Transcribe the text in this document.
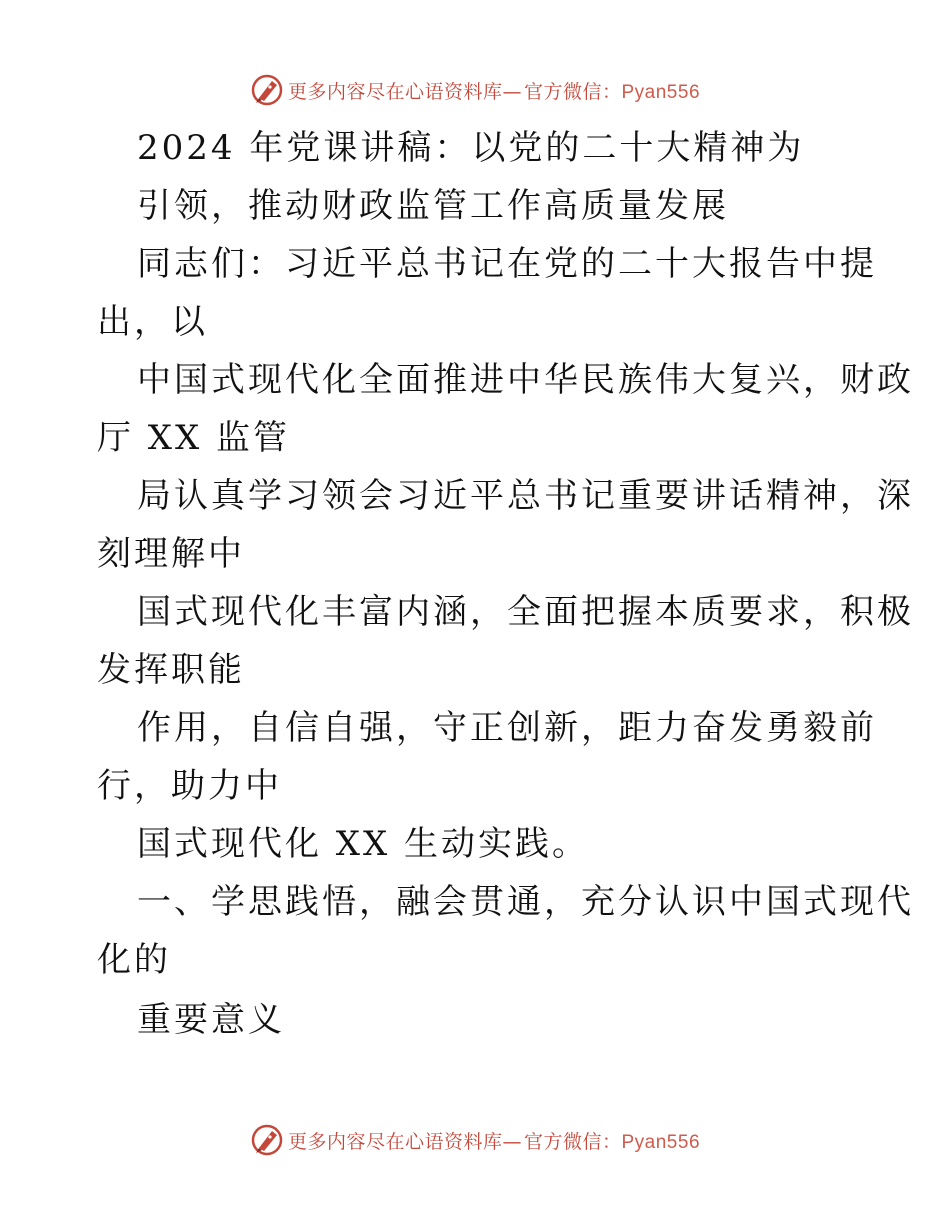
更多内容尽在心语资料库— 官方微信：Pyan556
2024 年党课讲稿：以党的二十大精神为
引领，推动财政监管工作高质量发展
同志们：习近平总书记在党的二十大报告中提
出，以
中国式现代化全面推进中华民族伟大复兴，财政
厅 XX 监管
局认真学习领会习近平总书记重要讲话精神，深
刻理解中
国式现代化丰富内涵，全面把握本质要求，积极
发挥职能
作用，自信自强，守正创新，距力奋发勇毅前
行，助力中
国式现代化 XX 生动实践。
一、学思践悟，融会贯通，充分认识中国式现代
化的
重要意义
更多内容尽在心语资料库— 官方微信：Pyan556
